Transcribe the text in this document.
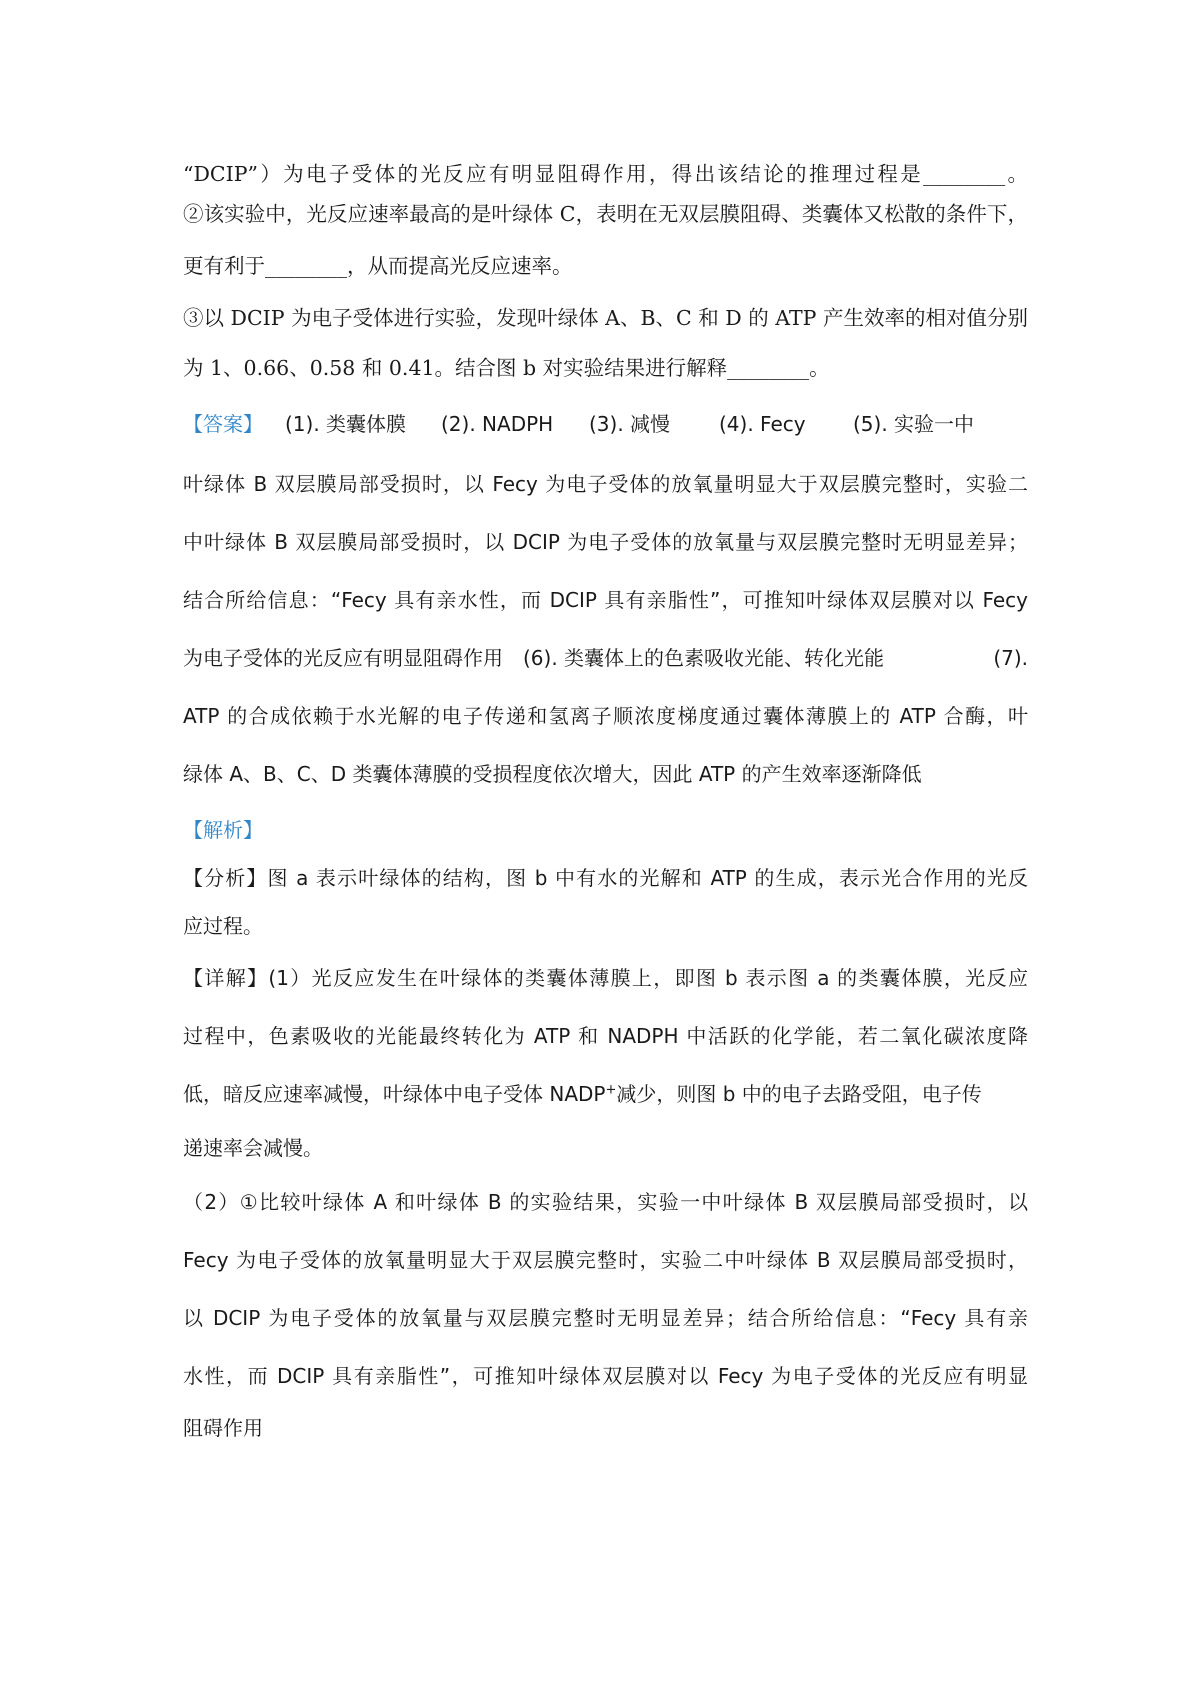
“DCIP”）为电子受体的光反应有明显阻碍作用，得出该结论的推理过程是________。
②该实验中，光反应速率最高的是叶绿体 C，表明在无双层膜阻碍、类囊体又松散的条件下，
更有利于________，从而提高光反应速率。
③以 DCIP 为电子受体进行实验，发现叶绿体 A、B、C 和 D 的 ATP 产生效率的相对值分别
为 1、0.66、0.58 和 0.41。结合图 b 对实验结果进行解释________。
【答案】 (1). 类囊体膜 (2). NADPH (3). 减慢 (4). Fecy (5). 实验一中
叶绿体 B 双层膜局部受损时，以 Fecy 为电子受体的放氧量明显大于双层膜完整时，实验二
中叶绿体 B 双层膜局部受损时，以 DCIP 为电子受体的放氧量与双层膜完整时无明显差异；
结合所给信息：“Fecy 具有亲水性，而 DCIP 具有亲脂性”，可推知叶绿体双层膜对以 Fecy
为电子受体的光反应有明显阻碍作用 (6). 类囊体上的色素吸收光能、转化光能	(7).
ATP 的合成依赖于水光解的电子传递和氢离子顺浓度梯度通过囊体薄膜上的 ATP 合酶，叶
绿体 A、B、C、D 类囊体薄膜的受损程度依次增大，因此 ATP 的产生效率逐渐降低
【解析】
【分析】图 a 表示叶绿体的结构，图 b 中有水的光解和 ATP 的生成，表示光合作用的光反
应过程。
【详解】(1）光反应发生在叶绿体的类囊体薄膜上，即图 b 表示图 a 的类囊体膜，光反应
过程中，色素吸收的光能最终转化为 ATP 和 NADPH 中活跃的化学能，若二氧化碳浓度降
低，暗反应速率减慢，叶绿体中电子受体 NADP+减少，则图 b 中的电子去路受阻，电子传
递速率会减慢。
（2）①比较叶绿体 A 和叶绿体 B 的实验结果，实验一中叶绿体 B 双层膜局部受损时，以
Fecy 为电子受体的放氧量明显大于双层膜完整时，实验二中叶绿体 B 双层膜局部受损时，
以 DCIP 为电子受体的放氧量与双层膜完整时无明显差异；结合所给信息：“Fecy 具有亲
水性，而 DCIP 具有亲脂性”，可推知叶绿体双层膜对以 Fecy 为电子受体的光反应有明显
阻碍作用
